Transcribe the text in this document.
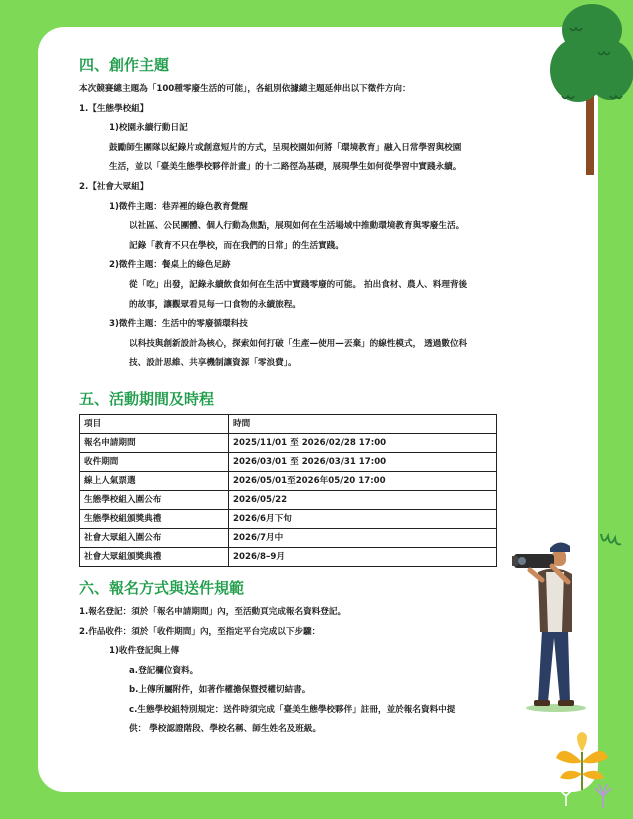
四、創作主題
本次競賽總主題為「100種零廢生活的可能」，各組別依據總主題延伸出以下徵件方向：
1.【生態學校組】
1)校園永續行動日記
鼓勵師生團隊以紀錄片或創意短片的方式，呈現校園如何將「環境教育」融入日常學習與校園
生活，並以「臺美生態學校夥伴計畫」的十二路徑為基礎，展現學生如何從學習中實踐永續。
2.【社會大眾組】
1)徵件主題：巷弄裡的綠色教育覺醒
以社區、公民團體、個人行動為焦點，展現如何在生活場域中推動環境教育與零廢生活。
記錄「教育不只在學校，而在我們的日常」的生活實踐。
2)徵件主題：餐桌上的綠色足跡
從「吃」出發，記錄永續飲食如何在生活中實踐零廢的可能。 拍出食材、農人、料理背後
的故事，讓觀眾看見每一口食物的永續旅程。
3)徵件主題：生活中的零廢循環科技
以科技與創新設計為核心，探索如何打破「生產—使用—丟棄」的線性模式， 透過數位科
技、設計思維、共享機制讓資源「零浪費」。
五、活動期間及時程
項目	時間
報名申請期間	2025/11/01 至 2026/02/28 17:00
收件期間	2026/03/01 至 2026/03/31 17:00
線上人氣票選	2026/05/01至2026年05/20 17:00
生態學校組入圍公布	2026/05/22
生態學校組頒獎典禮	2026/6月下旬
社會大眾組入圍公布	2026/7月中
社會大眾組頒獎典禮	2026/8–9月
六、報名方式與送件規範
1.報名登記：須於「報名申請期間」內，至活動頁完成報名資料登記。
2.作品收件：須於「收件期間」內，至指定平台完成以下步驟：
1)收件登記與上傳
a.登記欄位資料。
b.上傳所屬附件，如著作權擔保暨授權切結書。
c.生態學校組特別規定：送件時須完成「臺美生態學校夥伴」註冊，並於報名資料中提
供： 學校認證階段、學校名稱、師生姓名及班級。
